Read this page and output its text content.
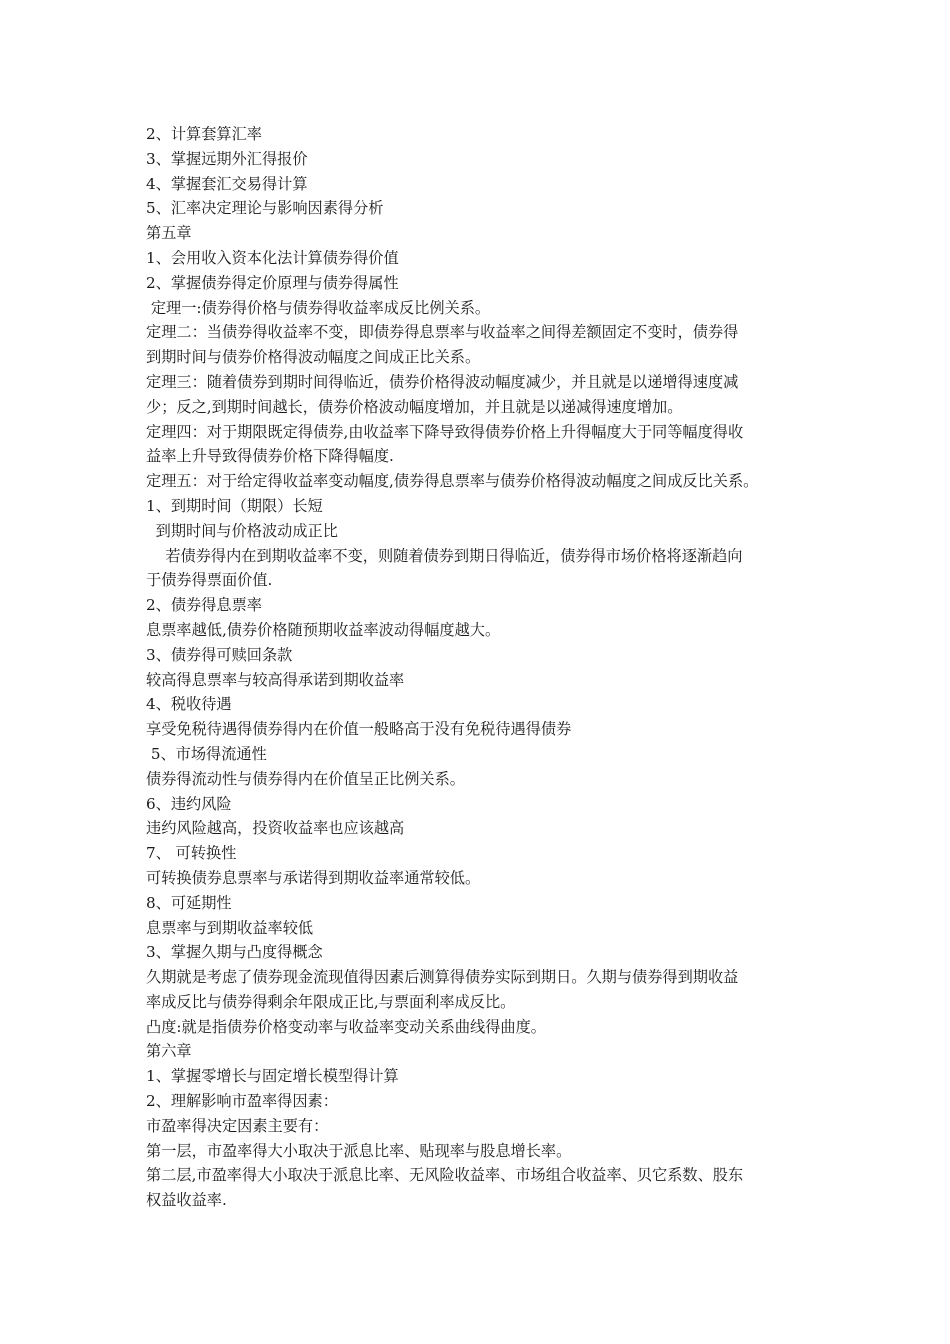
2、计算套算汇率

3、掌握远期外汇得报价

4、掌握套汇交易得计算

5、汇率决定理论与影响因素得分析

第五章

1、会用收入资本化法计算债券得价值

2、掌握债券得定价原理与债券得属性

定理一:债券得价格与债券得收益率成反比例关系。

定理二：当债券得收益率不变，即债券得息票率与收益率之间得差额固定不变时，债券得

到期时间与债券价格得波动幅度之间成正比关系。

定理三：随着债券到期时间得临近，债券价格得波动幅度减少，并且就是以递增得速度减

少；反之,到期时间越长，债券价格波动幅度增加，并且就是以递减得速度增加。

定理四：对于期限既定得债券,由收益率下降导致得债券价格上升得幅度大于同等幅度得收

益率上升导致得债券价格下降得幅度.

定理五：对于给定得收益率变动幅度,债券得息票率与债券价格得波动幅度之间成反比关系。

1、到期时间（期限）长短

到期时间与价格波动成正比

若债券得内在到期收益率不变，则随着债券到期日得临近，债券得市场价格将逐渐趋向

于债券得票面价值.

2、债券得息票率

息票率越低,债券价格随预期收益率波动得幅度越大。

3、债券得可赎回条款

较高得息票率与较高得承诺到期收益率

4、税收待遇

享受免税待遇得债券得内在价值一般略高于没有免税待遇得债券

5、市场得流通性

债券得流动性与债券得内在价值呈正比例关系。

6、违约风险

违约风险越高，投资收益率也应该越高

7、 可转换性

可转换债券息票率与承诺得到期收益率通常较低。

8、可延期性

息票率与到期收益率较低

3、掌握久期与凸度得概念

久期就是考虑了债券现金流现值得因素后测算得债券实际到期日。久期与债券得到期收益

率成反比与债券得剩余年限成正比,与票面利率成反比。

凸度:就是指债券价格变动率与收益率变动关系曲线得曲度。

第六章

1、掌握零增长与固定增长模型得计算

2、理解影响市盈率得因素：

市盈率得决定因素主要有：

第一层，市盈率得大小取决于派息比率、贴现率与股息增长率。

第二层,市盈率得大小取决于派息比率、无风险收益率、市场组合收益率、贝它系数、股东

权益收益率.
